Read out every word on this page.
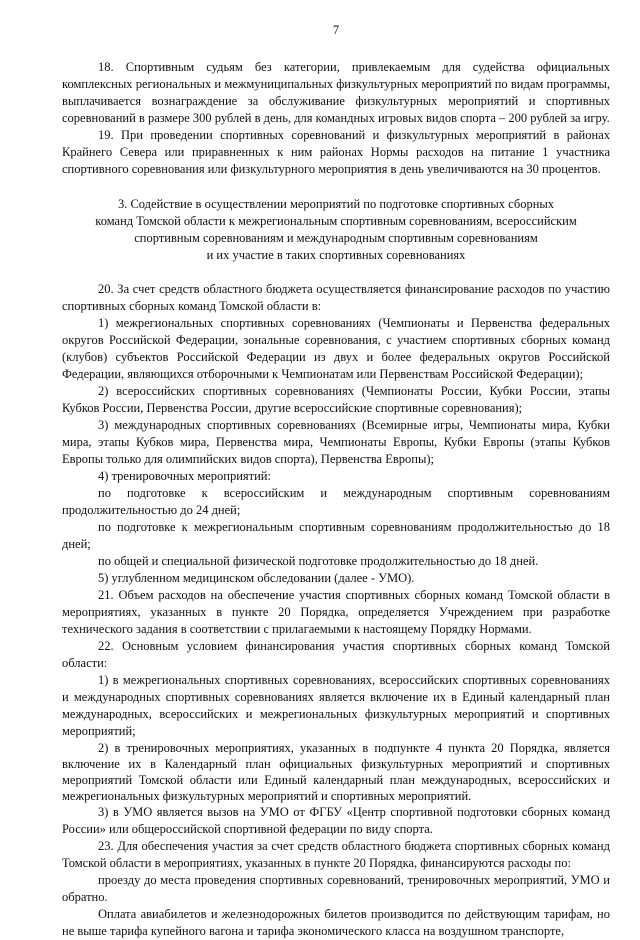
7

18. Спортивным судьям без категории, привлекаемым для судейства официальных комплексных региональных и межмуниципальных физкультурных мероприятий по видам программы, выплачивается вознаграждение за обслуживание физкультурных мероприятий и спортивных соревнований в размере 300 рублей в день, для командных игровых видов спорта – 200 рублей за игру.

19. При проведении спортивных соревнований и физкультурных мероприятий в районах Крайнего Севера или приравненных к ним районах Нормы расходов на питание 1 участника спортивного соревнования или физкультурного мероприятия в день увеличиваются на 30 процентов.

3. Содействие в осуществлении мероприятий по подготовке спортивных сборных
команд Томской области к межрегиональным спортивным соревнованиям, всероссийским
спортивным соревнованиям и международным спортивным соревнованиям
и их участие в таких спортивных соревнованиях

20. За счет средств областного бюджета осуществляется финансирование расходов по участию спортивных сборных команд Томской области в:

1) межрегиональных спортивных соревнованиях (Чемпионаты и Первенства федеральных округов Российской Федерации, зональные соревнования, с участием спортивных сборных команд (клубов) субъектов Российской Федерации из двух и более федеральных округов Российской Федерации, являющихся отборочными к Чемпионатам или Первенствам Российской Федерации);

2) всероссийских спортивных соревнованиях (Чемпионаты России, Кубки России, этапы Кубков России, Первенства России, другие всероссийские спортивные соревнования);

3) международных спортивных соревнованиях (Всемирные игры, Чемпионаты мира, Кубки мира, этапы Кубков мира, Первенства мира, Чемпионаты Европы, Кубки Европы (этапы Кубков Европы только для олимпийских видов спорта), Первенства Европы);

4) тренировочных мероприятий:

по подготовке к всероссийским и международным спортивным соревнованиям продолжительностью до 24 дней;

по подготовке к межрегиональным спортивным соревнованиям продолжительностью до 18 дней;

по общей и специальной физической подготовке продолжительностью до 18 дней.

5) углубленном медицинском обследовании (далее - УМО).

21. Объем расходов на обеспечение участия спортивных сборных команд Томской области в мероприятиях, указанных в пункте 20 Порядка, определяется Учреждением при разработке технического задания в соответствии с прилагаемыми к настоящему Порядку Нормами.

22. Основным условием финансирования участия спортивных сборных команд Томской области:

1) в межрегиональных спортивных соревнованиях, всероссийских спортивных соревнованиях и международных спортивных соревнованиях является включение их в Единый календарный план международных, всероссийских и межрегиональных физкультурных мероприятий и спортивных мероприятий;

2) в тренировочных мероприятиях, указанных в подпункте 4 пункта 20 Порядка, является включение их в Календарный план официальных физкультурных мероприятий и спортивных мероприятий Томской области или Единый календарный план международных, всероссийских и межрегиональных физкультурных мероприятий и спортивных мероприятий.

3) в УМО является вызов на УМО от ФГБУ «Центр спортивной подготовки сборных команд России» или общероссийской спортивной федерации по виду спорта.

23. Для обеспечения участия за счет средств областного бюджета спортивных сборных команд Томской области в мероприятиях, указанных в пункте 20 Порядка, финансируются расходы по:

проезду до места проведения спортивных соревнований, тренировочных мероприятий, УМО и обратно.

Оплата авиабилетов и железнодорожных билетов производится по действующим тарифам, но не выше тарифа купейного вагона и тарифа экономического класса на воздушном транспорте,
